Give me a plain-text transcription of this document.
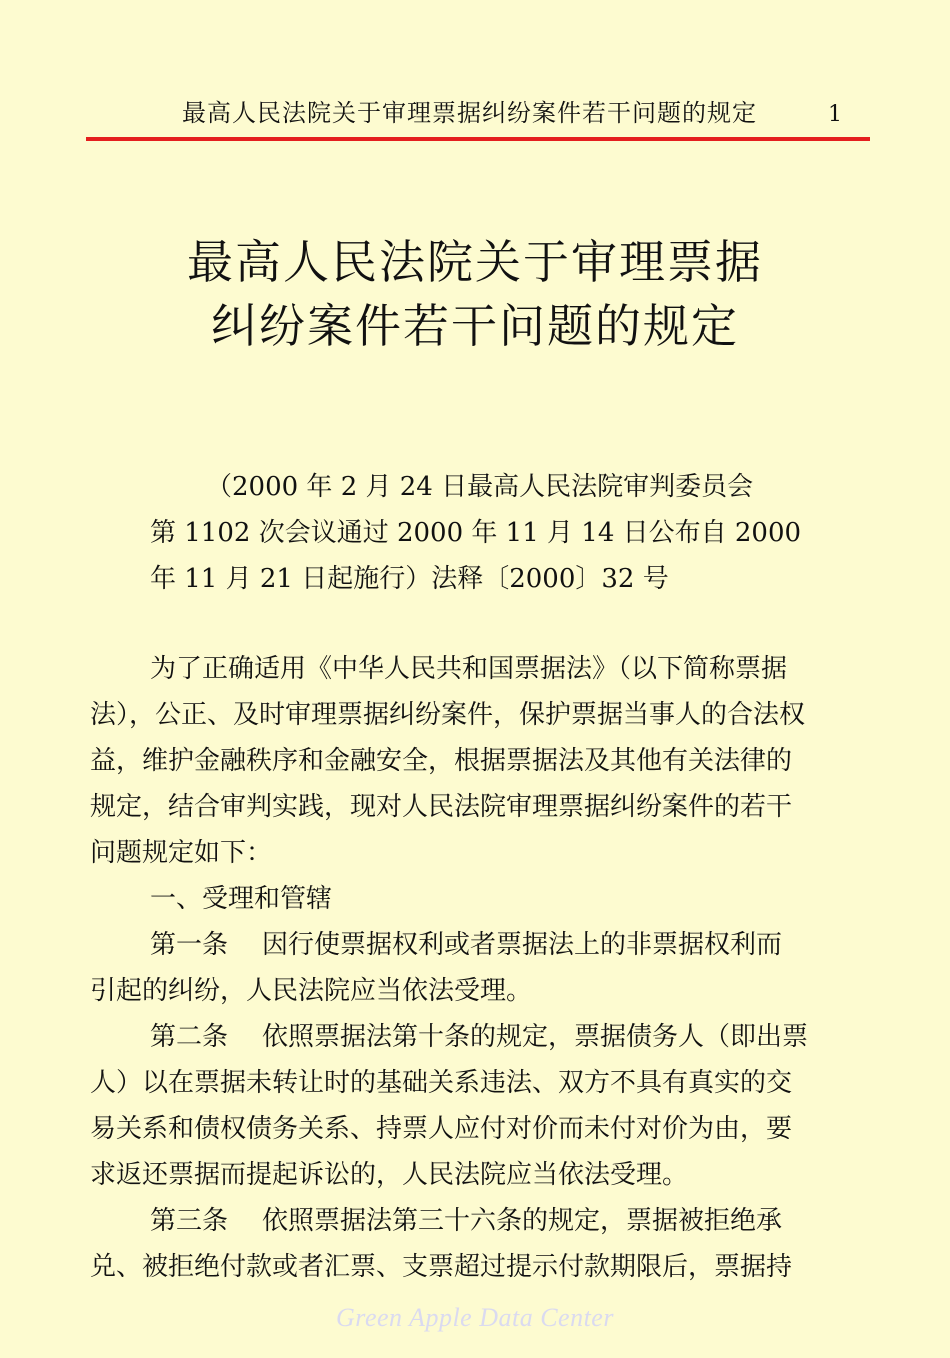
最高人民法院关于审理票据纠纷案件若干问题的规定	1
最高人民法院关于审理票据
纠纷案件若干问题的规定
（2000 年 2 月 24 日最高人民法院审判委员会
第 1102 次会议通过 2000 年 11 月 14 日公布自 2000
年 11 月 21 日起施行）法释〔2000〕32 号
为了正确适用《中华人民共和国票据法》（以下简称票据
法），公正、及时审理票据纠纷案件，保护票据当事人的合法权
益，维护金融秩序和金融安全，根据票据法及其他有关法律的
规定，结合审判实践，现对人民法院审理票据纠纷案件的若干
问题规定如下：
一、受理和管辖
第一条 因行使票据权利或者票据法上的非票据权利而
引起的纠纷，人民法院应当依法受理。
第二条 依照票据法第十条的规定，票据债务人（即出票
人）以在票据未转让时的基础关系违法、双方不具有真实的交
易关系和债权债务关系、持票人应付对价而未付对价为由，要
求返还票据而提起诉讼的，人民法院应当依法受理。
第三条 依照票据法第三十六条的规定，票据被拒绝承
兑、被拒绝付款或者汇票、支票超过提示付款期限后，票据持
Green Apple Data Center
